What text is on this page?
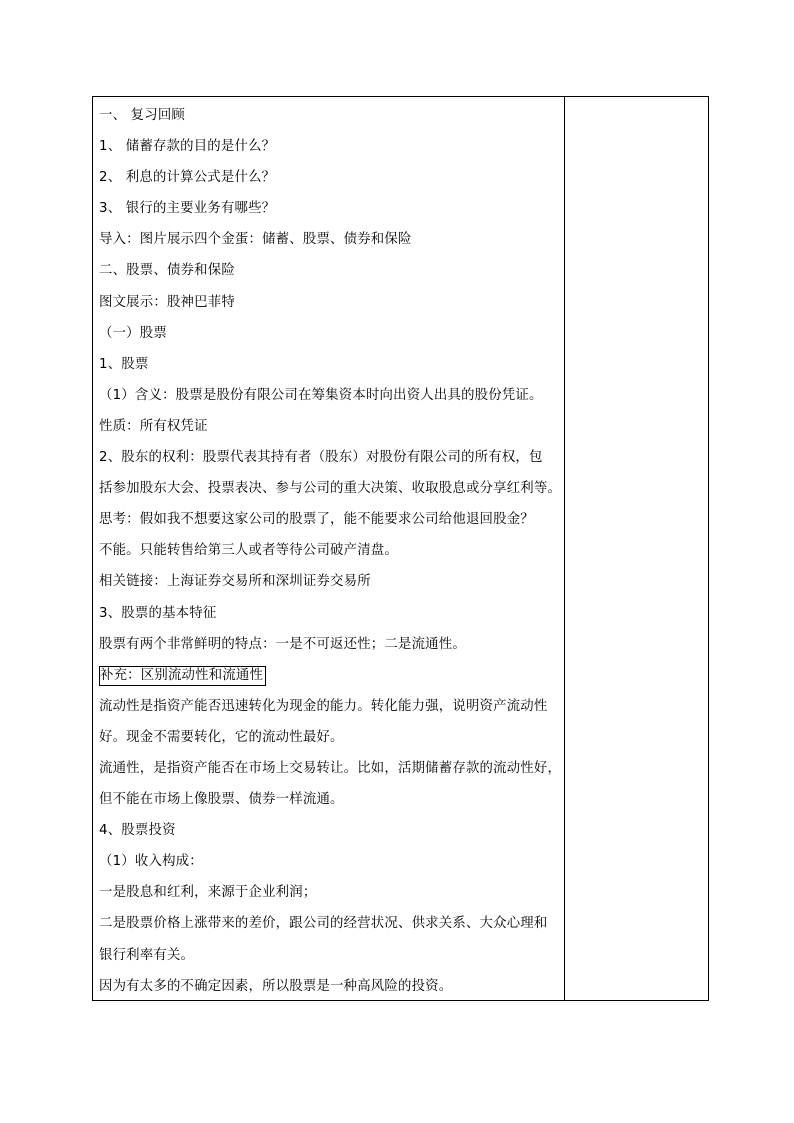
一、 复习回顾
1、 储蓄存款的目的是什么？
2、 利息的计算公式是什么？
3、 银行的主要业务有哪些？
导入：图片展示四个金蛋：储蓄、股票、债券和保险
二、股票、债券和保险
图文展示：股神巴菲特
（一）股票
1、股票
（1）含义：股票是股份有限公司在筹集资本时向出资人出具的股份凭证。
性质：所有权凭证
2、股东的权利：股票代表其持有者（股东）对股份有限公司的所有权，包
括参加股东大会、投票表决、参与公司的重大决策、收取股息或分享红利等。
思考：假如我不想要这家公司的股票了，能不能要求公司给他退回股金？
不能。只能转售给第三人或者等待公司破产清盘。
相关链接：上海证券交易所和深圳证券交易所
3、股票的基本特征
股票有两个非常鲜明的特点：一是不可返还性；二是流通性。
补充：区别流动性和流通性
流动性是指资产能否迅速转化为现金的能力。转化能力强，说明资产流动性
好。现金不需要转化，它的流动性最好。
流通性，是指资产能否在市场上交易转让。比如，活期储蓄存款的流动性好，
但不能在市场上像股票、债券一样流通。
4、股票投资
（1）收入构成：
一是股息和红利，来源于企业利润；
二是股票价格上涨带来的差价，跟公司的经营状况、供求关系、大众心理和
银行利率有关。
因为有太多的不确定因素，所以股票是一种高风险的投资。
